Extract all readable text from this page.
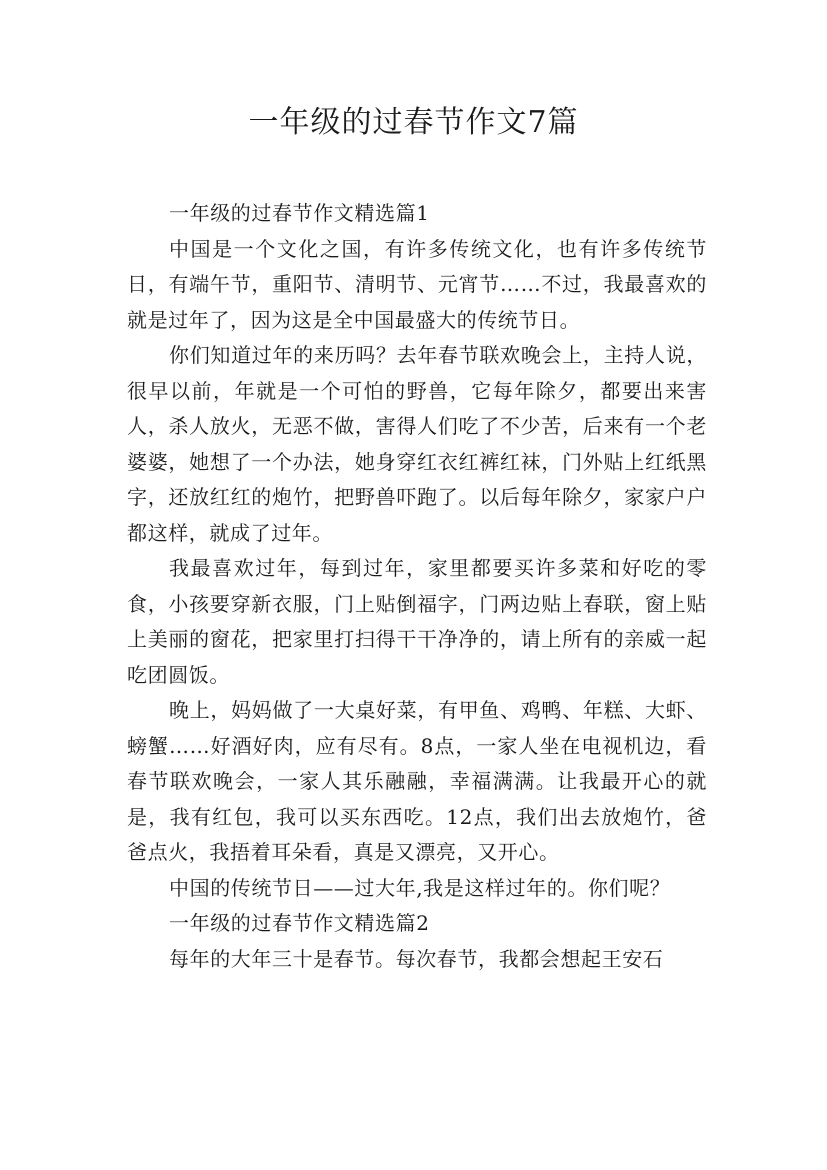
一年级的过春节作文7篇

一年级的过春节作文精选篇1

中国是一个文化之国，有许多传统文化，也有许多传统节日，有端午节，重阳节、清明节、元宵节……不过，我最喜欢的就是过年了，因为这是全中国最盛大的传统节日。

你们知道过年的来历吗？去年春节联欢晚会上，主持人说，很早以前，年就是一个可怕的野兽，它每年除夕，都要出来害人，杀人放火，无恶不做，害得人们吃了不少苦，后来有一个老婆婆，她想了一个办法，她身穿红衣红裤红袜，门外贴上红纸黑字，还放红红的炮竹，把野兽吓跑了。以后每年除夕，家家户户都这样，就成了过年。

我最喜欢过年，每到过年，家里都要买许多菜和好吃的零食，小孩要穿新衣服，门上贴倒福字，门两边贴上春联，窗上贴上美丽的窗花，把家里打扫得干干净净的，请上所有的亲威一起吃团圆饭。

晚上，妈妈做了一大桌好菜，有甲鱼、鸡鸭、年糕、大虾、螃蟹……好酒好肉，应有尽有。8点，一家人坐在电视机边，看春节联欢晚会，一家人其乐融融，幸福满满。让我最开心的就是，我有红包，我可以买东西吃。12点，我们出去放炮竹，爸爸点火，我捂着耳朵看，真是又漂亮，又开心。

中国的传统节日——过大年,我是这样过年的。你们呢？

一年级的过春节作文精选篇2

每年的大年三十是春节。每次春节，我都会想起王安石
